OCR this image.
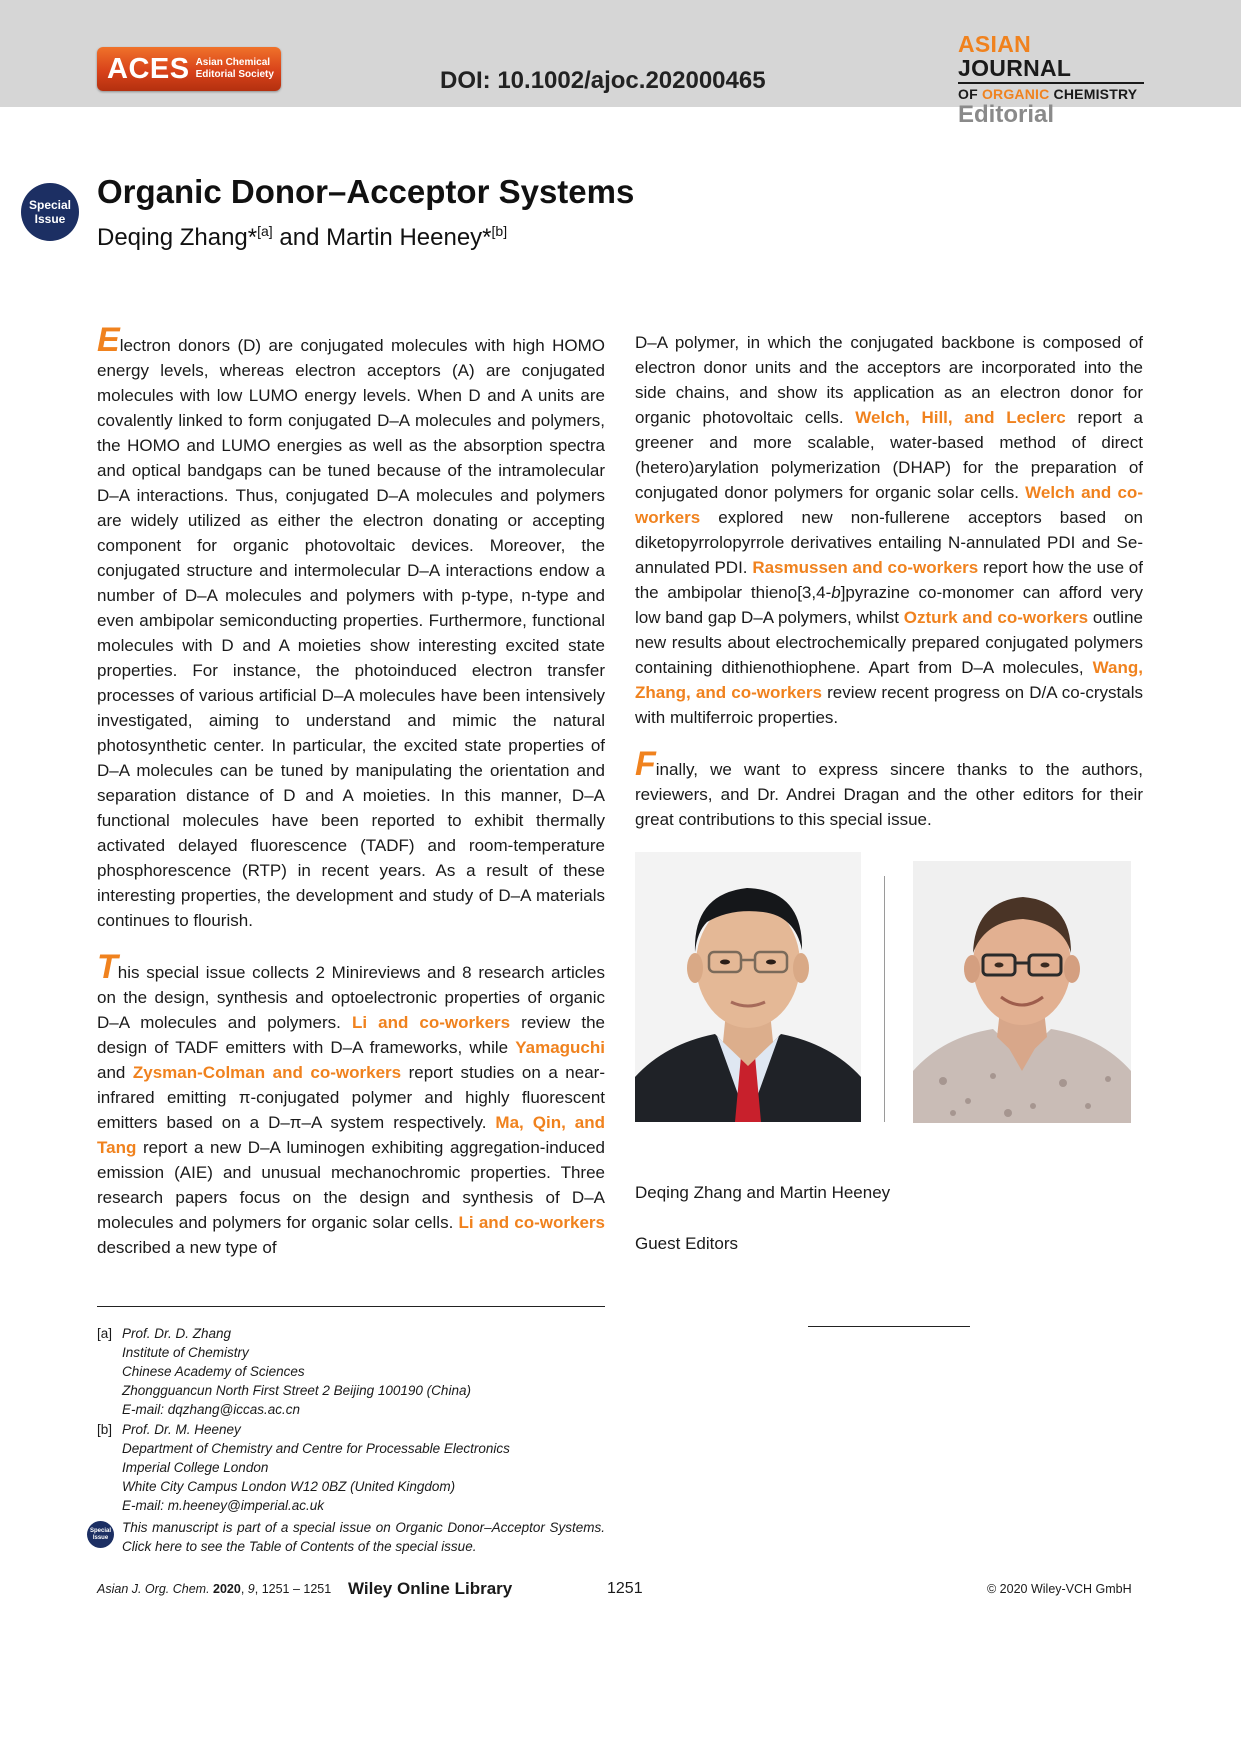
ACES Asian Chemical
Editorial Society	DOI: 10.1002/ajoc.202000465
ASIAN JOURNAL
OF ORGANIC CHEMISTRY
Editorial
Special
Issue
Organic Donor–Acceptor Systems
Deqing Zhang*[a] and Martin Heeney*[b]

Electron donors (D) are conjugated molecules with high HOMO energy levels, whereas electron acceptors (A) are conjugated molecules with low LUMO energy levels. When D and A units are covalently linked to form conjugated D–A molecules and polymers, the HOMO and LUMO energies as well as the absorption spectra and optical bandgaps can be tuned because of the intramolecular D–A interactions. Thus, conjugated D–A molecules and polymers are widely utilized as either the electron donating or accepting component for organic photovoltaic devices. Moreover, the conjugated structure and intermolecular D–A interactions endow a number of D–A molecules and polymers with p-type, n-type and even ambipolar semiconducting properties. Furthermore, functional molecules with D and A moieties show interesting excited state properties. For instance, the photoinduced electron transfer processes of various artificial D–A molecules have been intensively investigated, aiming to understand and mimic the natural photosynthetic center. In particular, the excited state properties of D–A molecules can be tuned by manipulating the orientation and separation distance of D and A moieties. In this manner, D–A functional molecules have been reported to exhibit thermally activated delayed fluorescence (TADF) and room-temperature phosphorescence (RTP) in recent years. As a result of these interesting properties, the development and study of D–A materials continues to flourish.

This special issue collects 2 Minireviews and 8 research articles on the design, synthesis and optoelectronic properties of organic D–A molecules and polymers. Li and co-workers review the design of TADF emitters with D–A frameworks, while Yamaguchi and Zysman-Colman and co-workers report studies on a near-infrared emitting π-conjugated polymer and highly fluorescent emitters based on a D–π–A system respectively. Ma, Qin, and Tang report a new D–A luminogen exhibiting aggregation-induced emission (AIE) and unusual mechanochromic properties. Three research papers focus on the design and synthesis of D–A molecules and polymers for organic solar cells. Li and co-workers described a new type of

D–A polymer, in which the conjugated backbone is composed of electron donor units and the acceptors are incorporated into the side chains, and show its application as an electron donor for organic photovoltaic cells. Welch, Hill, and Leclerc report a greener and more scalable, water-based method of direct (hetero)arylation polymerization (DHAP) for the preparation of conjugated donor polymers for organic solar cells. Welch and co-workers explored new non-fullerene acceptors based on diketopyrrolopyrrole derivatives entailing N-annulated PDI and Se-annulated PDI. Rasmussen and co-workers report how the use of the ambipolar thieno[3,4-b]pyrazine co-monomer can afford very low band gap D–A polymers, whilst Ozturk and co-workers outline new results about electrochemically prepared conjugated polymers containing dithienothiophene. Apart from D–A molecules, Wang, Zhang, and co-workers review recent progress on D/A co-crystals with multiferroic properties.

Finally, we want to express sincere thanks to the authors, reviewers, and Dr. Andrei Dragan and the other editors for their great contributions to this special issue.

Deqing Zhang and Martin Heeney
Guest Editors
[a] Prof. Dr. D. Zhang
Institute of Chemistry
Chinese Academy of Sciences
Zhongguancun North First Street 2 Beijing 100190 (China)
E-mail: dqzhang@iccas.ac.cn
[b] Prof. Dr. M. Heeney
Department of Chemistry and Centre for Processable Electronics
Imperial College London
White City Campus London W12 0BZ (United Kingdom)
E-mail: m.heeney@imperial.ac.uk
Special
Issue
This manuscript is part of a special issue on Organic Donor–Acceptor Systems. Click here to see the Table of Contents of the special issue.
Asian J. Org. Chem. 2020, 9, 1251 – 1251 Wiley Online Library	1251	© 2020 Wiley-VCH GmbH
